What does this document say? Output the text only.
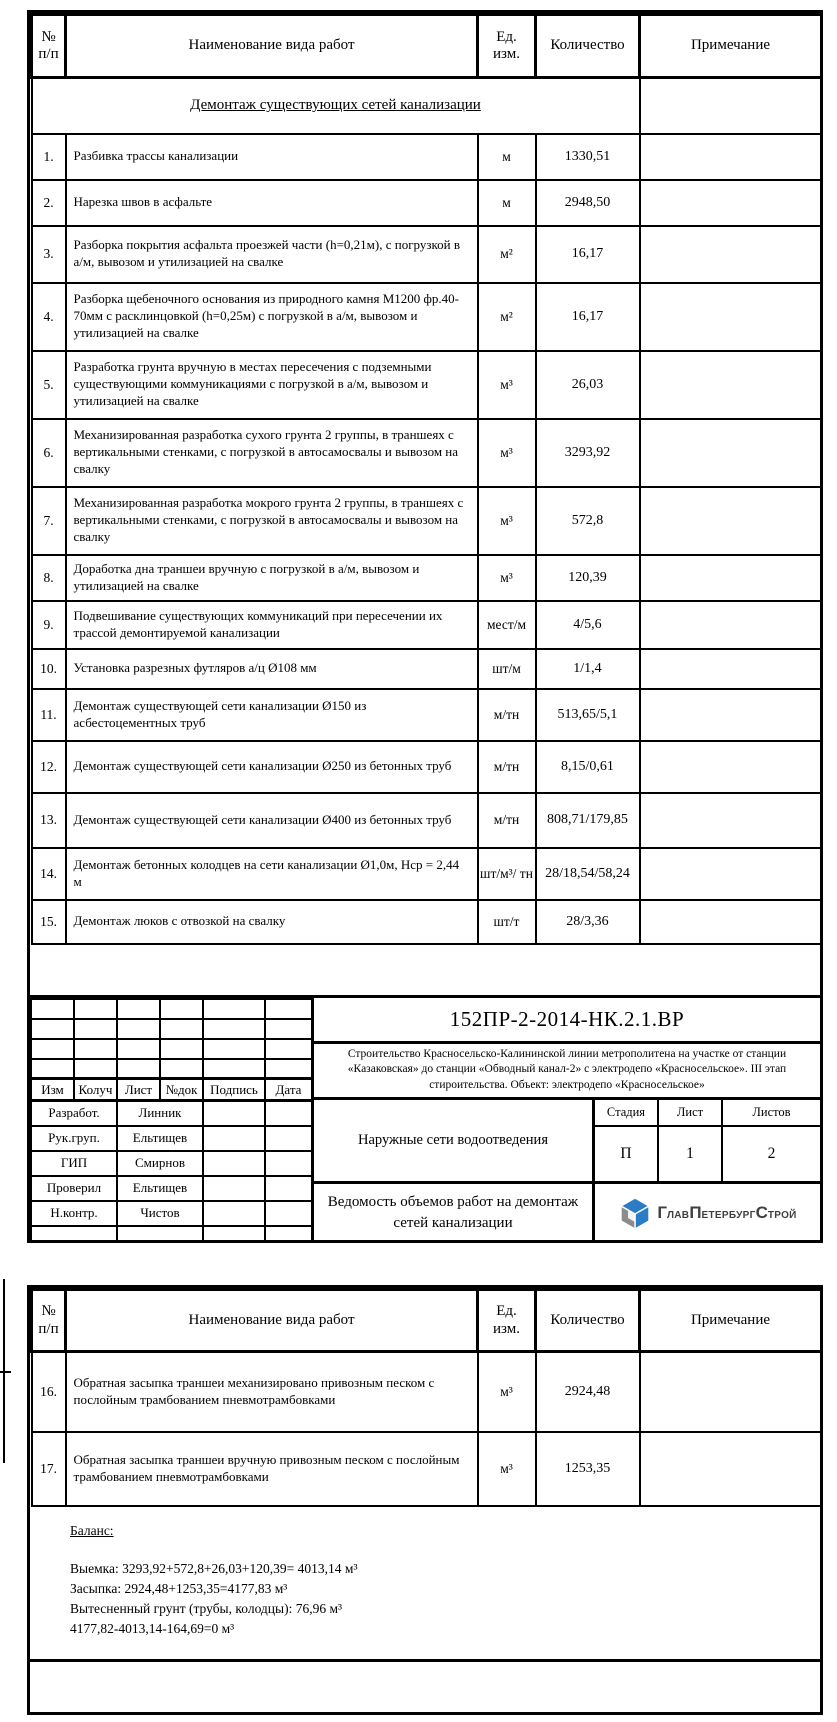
№ п/п	Наименование вида работ	Ед. изм.	Количество	Примечание
Демонтаж существующих сетей канализации				
1.	Разбивка трассы канализации	м	1330,51	
2.	Нарезка швов в асфальте	м	2948,50	
3.	Разборка покрытия асфальта проезжей части (h=0,21м), с погрузкой в а/м, вывозом и утилизацией на свалке	м²	16,17	
4.	Разборка щебеночного основания из природного камня М1200 фр.40-70мм с расклинцовкой (h=0,25м) с погрузкой в а/м, вывозом и утилизацией на свалке	м²	16,17	
5.	Разработка грунта вручную в местах пересечения с подземными существующими коммуникациями с погрузкой в а/м, вывозом и утилизацией на свалке	м³	26,03	
6.	Механизированная разработка сухого грунта 2 группы, в траншеях с вертикальными стенками, с погрузкой в автосамосвалы и вывозом на свалку	м³	3293,92	
7.	Механизированная разработка мокрого грунта 2 группы, в траншеях с вертикальными стенками, с погрузкой в автосамосвалы и вывозом на свалку	м³	572,8	
8.	Доработка дна траншеи вручную с погрузкой в а/м, вывозом и утилизацией на свалке	м³	120,39	
9.	Подвешивание существующих коммуникаций при пересечении их трассой демонтируемой канализации	мест/м	4/5,6	
10.	Установка разрезных футляров а/ц Ø108 мм	шт/м	1/1,4	
11.	Демонтаж существующей сети канализации Ø150 из асбестоцементных труб	м/тн	513,65/5,1	
12.	Демонтаж существующей сети канализации Ø250 из бетонных труб	м/тн	8,15/0,61	
13.	Демонтаж существующей сети канализации Ø400 из бетонных труб	м/тн	808,71/179,85	
14.	Демонтаж бетонных колодцев на сети канализации Ø1,0м, Нср = 2,44 м	шт/м³/ тн	28/18,54/58,24	
15.	Демонтаж люков с отвозкой на свалку	шт/т	28/3,36	

Изм	Колуч	Лист	№док	Подпись	Дата
Разработ.		Линник			
Рук.груп.		Ельтищев			
ГИП		Смирнов			
Проверил		Ельтищев			
Н.контр.		Чистов			

152ПР-2-2014-НК.2.1.ВР
Строительство Красносельско-Калининской линии метрополитена на участке от станции «Казаковская» до станции «Обводный канал-2» с электродепо «Красносельское». III этап стироительства. Объект: электродепо «Красносельское»
Наружные сети водоотведения
Стадия	Лист	Листов
П	1	2
Ведомость объемов работ на демонтаж сетей канализации
ГЛАВПЕТЕРБУРГСТРОЙ
№ п/п	Наименование вида работ	Ед. изм.	Количество	Примечание
16.	Обратная засыпка траншеи механизировано привозным песком с послойным трамбованием пневмотрамбовками	м³	2924,48	
17.	Обратная засыпка траншеи вручную привозным песком с послойным трамбованием пневмотрамбовками	м³	1253,35	
Баланс:
Выемка: 3293,92+572,8+26,03+120,39= 4013,14 м³
Засыпка: 2924,48+1253,35=4177,83 м³
Вытесненный грунт (трубы, колодцы): 76,96 м³
4177,82-4013,14-164,69=0 м³
